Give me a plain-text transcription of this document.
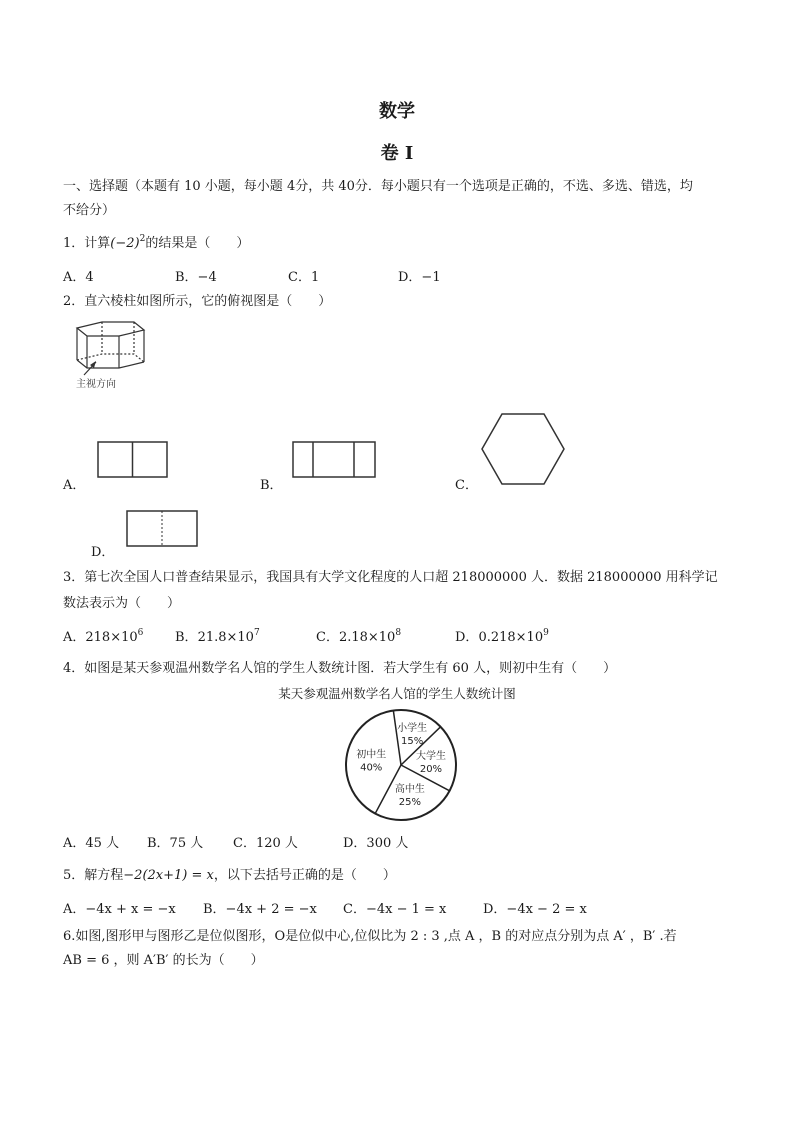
数学
卷 I
一、选择题（本题有 10 小题，每小题 4分，共 40分．每小题只有一个选项是正确的，不选、多选、错选，均
不给分）
1．计算$(-2)^2$的结果是（　　）
A．4	B．−4	C．1	D．−1
2．直六棱柱如图所示，它的俯视图是（　　）
主视方向
A．	B．	C．
D．
3．第七次全国人口普查结果显示，我国具有大学文化程度的人口超 218000000 人．数据 218000000 用科学记
数法表示为（　　）
A．$218\times 10^6$ B．$21.8\times 10^7$	C．$2.18\times 10^8$	D．$0.218\times 10^9$
4．如图是某天参观温州数学名人馆的学生人数统计图．若大学生有 60 人，则初中生有（　　）
某天参观温州数学名人馆的学生人数统计图
小学生
15%
大学生
20%
高中生
25%
初中生
40%
A．45 人 B．75 人 C．120 人	D．300 人
5．解方程−2(2x+1) = x，以下去括号正确的是（　　）
A．−4x + x = −x B．−4x + 2 = −x C．−4x − 1 = x	D．−4x − 2 = x
6.如图,图形甲与图形乙是位似图形，O是位似中心,位似比为 2 : 3 ,点 A ，B 的对应点分别为点 A′ ，B′ .若
AB = 6 ，则 A′B′ 的长为（　　）
